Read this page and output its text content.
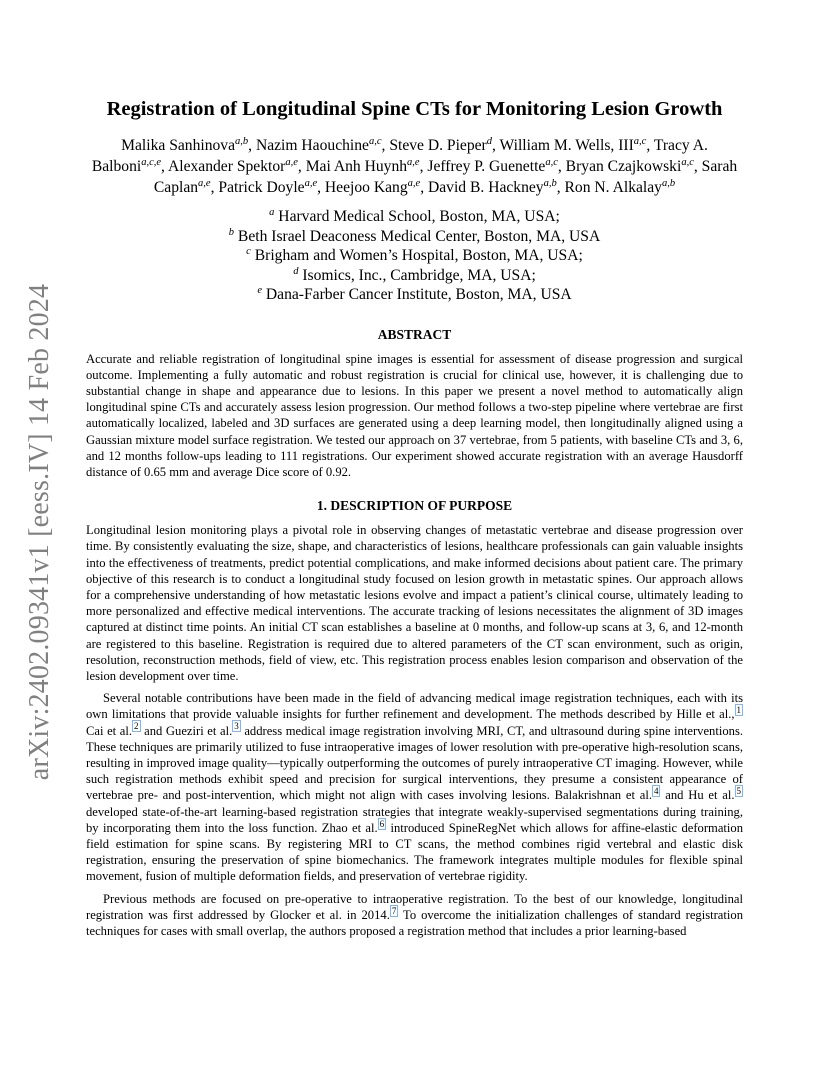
arXiv:2402.09341v1 [eess.IV] 14 Feb 2024
Registration of Longitudinal Spine CTs for Monitoring Lesion Growth
Malika Sanhinova$^{a,b}$, Nazim Haouchine$^{a,c}$, Steve D. Pieper$^d$, William M. Wells, III$^{a,c}$, Tracy A. Balboni$^{a,c,e}$, Alexander Spektor$^{a,e}$, Mai Anh Huynh$^{a,e}$, Jeffrey P. Guenette$^{a,c}$, Bryan Czajkowski$^{a,c}$, Sarah Caplan$^{a,e}$, Patrick Doyle$^{a,e}$, Heejoo Kang$^{a,e}$, David B. Hackney$^{a,b}$, Ron N. Alkalay$^{a,b}$
$^a$ Harvard Medical School, Boston, MA, USA;
$^b$ Beth Israel Deaconess Medical Center, Boston, MA, USA
$^c$ Brigham and Women’s Hospital, Boston, MA, USA;
$^d$ Isomics, Inc., Cambridge, MA, USA;
$^e$ Dana-Farber Cancer Institute, Boston, MA, USA
ABSTRACT

Accurate and reliable registration of longitudinal spine images is essential for assessment of disease progression and surgical outcome. Implementing a fully automatic and robust registration is crucial for clinical use, however, it is challenging due to substantial change in shape and appearance due to lesions. In this paper we present a novel method to automatically align longitudinal spine CTs and accurately assess lesion progression. Our method follows a two-step pipeline where vertebrae are first automatically localized, labeled and 3D surfaces are generated using a deep learning model, then longitudinally aligned using a Gaussian mixture model surface registration. We tested our approach on 37 vertebrae, from 5 patients, with baseline CTs and 3, 6, and 12 months follow-ups leading to 111 registrations. Our experiment showed accurate registration with an average Hausdorff distance of 0.65 mm and average Dice score of 0.92.

1. DESCRIPTION OF PURPOSE

Longitudinal lesion monitoring plays a pivotal role in observing changes of metastatic vertebrae and disease progression over time. By consistently evaluating the size, shape, and characteristics of lesions, healthcare professionals can gain valuable insights into the effectiveness of treatments, predict potential complications, and make informed decisions about patient care. The primary objective of this research is to conduct a longitudinal study focused on lesion growth in metastatic spines. Our approach allows for a comprehensive understanding of how metastatic lesions evolve and impact a patient’s clinical course, ultimately leading to more personalized and effective medical interventions. The accurate tracking of lesions necessitates the alignment of 3D images captured at distinct time points. An initial CT scan establishes a baseline at 0 months, and follow-up scans at 3, 6, and 12-month are registered to this baseline. Registration is required due to altered parameters of the CT scan environment, such as origin, resolution, reconstruction methods, field of view, etc. This registration process enables lesion comparison and observation of the lesion development over time.

Several notable contributions have been made in the field of advancing medical image registration techniques, each with its own limitations that provide valuable insights for further refinement and development. The methods described by Hille et al., $^1$ Cai et al. $^2$ and Gueziri et al. $^3$ address medical image registration involving MRI, CT, and ultrasound during spine interventions. These techniques are primarily utilized to fuse intraoperative images of lower resolution with pre-operative high-resolution scans, resulting in improved image quality—typically outperforming the outcomes of purely intraoperative CT imaging. However, while such registration methods exhibit speed and precision for surgical interventions, they presume a consistent appearance of vertebrae pre- and post-intervention, which might not align with cases involving lesions. Balakrishnan et al. $^4$ and Hu et al. $^5$ developed state-of-the-art learning-based registration strategies that integrate weakly-supervised segmentations during training, by incorporating them into the loss function. Zhao et al. $^6$ introduced SpineRegNet which allows for affine-elastic deformation field estimation for spine scans. By registering MRI to CT scans, the method combines rigid vertebral and elastic disk registration, ensuring the preservation of spine biomechanics. The framework integrates multiple modules for flexible spinal movement, fusion of multiple deformation fields, and preservation of vertebrae rigidity.

Previous methods are focused on pre-operative to intraoperative registration. To the best of our knowledge, longitudinal registration was first addressed by Glocker et al. in 2014. $^7$ To overcome the initialization challenges of standard registration techniques for cases with small overlap, the authors proposed a registration method that includes a prior learning-based
